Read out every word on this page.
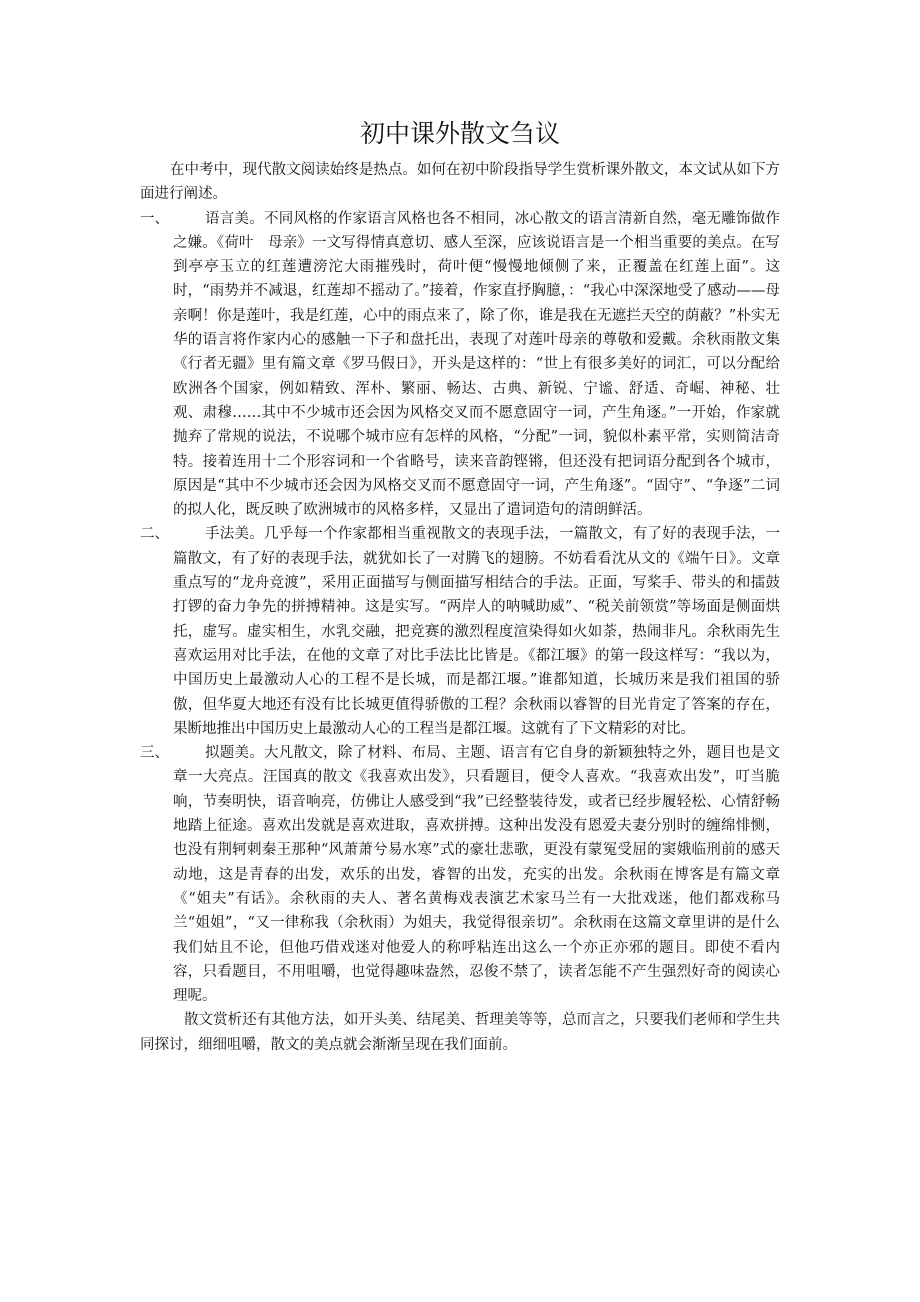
初中课外散文刍议

在中考中，现代散文阅读始终是热点。如何在初中阶段指导学生赏析课外散文，本文试从如下方面进行阐述。

一、	语言美。不同风格的作家语言风格也各不相同，冰心散文的语言清新自然，毫无雕饰做作之嫌。《荷叶　母亲》一文写得情真意切、感人至深，应该说语言是一个相当重要的美点。在写到亭亭玉立的红莲遭滂沱大雨摧残时，荷叶便“慢慢地倾侧了来，正覆盖在红莲上面”。这时，“雨势并不减退，红莲却不摇动了。”接着，作家直抒胸臆，：“我心中深深地受了感动——母亲啊！你是莲叶，我是红莲，心中的雨点来了，除了你，谁是我在无遮拦天空的荫蔽？”朴实无华的语言将作家内心的感触一下子和盘托出，表现了对莲叶母亲的尊敬和爱戴。余秋雨散文集《行者无疆》里有篇文章《罗马假日》，开头是这样的：“世上有很多美好的词汇，可以分配给欧洲各个国家，例如精致、浑朴、繁丽、畅达、古典、新锐、宁谧、舒适、奇崛、神秘、壮观、肃穆……其中不少城市还会因为风格交叉而不愿意固守一词，产生角逐。”一开始，作家就抛弃了常规的说法，不说哪个城市应有怎样的风格，“分配”一词，貌似朴素平常，实则简洁奇特。接着连用十二个形容词和一个省略号，读来音韵铿锵，但还没有把词语分配到各个城市，原因是“其中不少城市还会因为风格交叉而不愿意固守一词，产生角逐”。“固守”、“争逐”二词的拟人化，既反映了欧洲城市的风格多样，又显出了遣词造句的清朗鲜活。
二、	手法美。几乎每一个作家都相当重视散文的表现手法，一篇散文，有了好的表现手法，一篇散文，有了好的表现手法，就犹如长了一对腾飞的翅膀。不妨看看沈从文的《端午日》。文章重点写的“龙舟竞渡”，采用正面描写与侧面描写相结合的手法。正面，写桨手、带头的和擂鼓打锣的奋力争先的拼搏精神。这是实写。“两岸人的呐喊助威”、“税关前领赏”等场面是侧面烘托，虚写。虚实相生，水乳交融，把竞赛的激烈程度渲染得如火如荼，热闹非凡。余秋雨先生喜欢运用对比手法，在他的文章了对比手法比比皆是。《都江堰》的第一段这样写：“我以为，中国历史上最激动人心的工程不是长城，而是都江堰。”谁都知道，长城历来是我们祖国的骄傲，但华夏大地还有没有比长城更值得骄傲的工程？余秋雨以睿智的目光肯定了答案的存在，果断地推出中国历史上最激动人心的工程当是都江堰。这就有了下文精彩的对比。
三、	拟题美。大凡散文，除了材料、布局、主题、语言有它自身的新颖独特之外，题目也是文章一大亮点。汪国真的散文《我喜欢出发》，只看题目，便令人喜欢。“我喜欢出发”，叮当脆响，节奏明快，语音响亮，仿佛让人感受到“我”已经整装待发，或者已经步履轻松、心情舒畅地踏上征途。喜欢出发就是喜欢进取，喜欢拼搏。这种出发没有恩爱夫妻分别时的缠绵悱恻，也没有荆轲刺秦王那种“风萧萧兮易水寒”式的豪壮悲歌，更没有蒙冤受屈的窦娥临刑前的感天动地，这是青春的出发，欢乐的出发，睿智的出发，充实的出发。余秋雨在博客是有篇文章《“姐夫”有话》。余秋雨的夫人、著名黄梅戏表演艺术家马兰有一大批戏迷，他们都戏称马兰“姐姐”，“又一律称我（余秋雨）为姐夫，我觉得很亲切”。余秋雨在这篇文章里讲的是什么我们姑且不论，但他巧借戏迷对他爱人的称呼粘连出这么一个亦正亦邪的题目。即使不看内容，只看题目，不用咀嚼，也觉得趣味盎然，忍俊不禁了，读者怎能不产生强烈好奇的阅读心理呢。

散文赏析还有其他方法，如开头美、结尾美、哲理美等等，总而言之，只要我们老师和学生共同探讨，细细咀嚼，散文的美点就会渐渐呈现在我们面前。
